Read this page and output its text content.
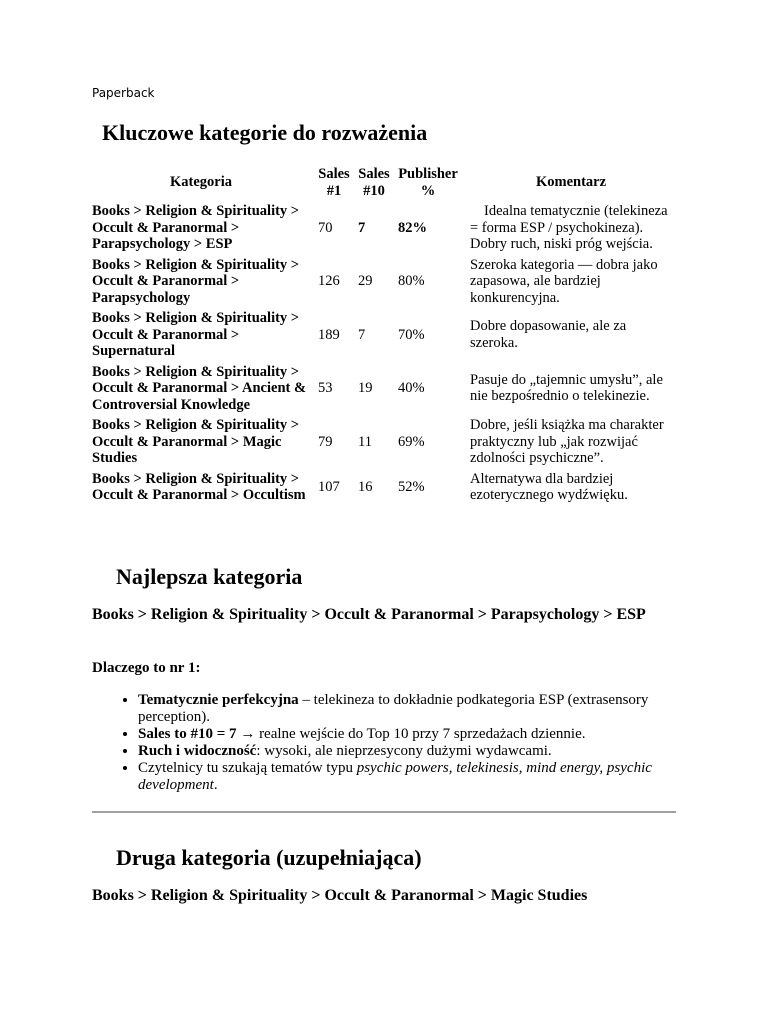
Paperback
Kluczowe kategorie do rozważenia
Kategoria	Sales #1	Sales #10	Publisher %	Komentarz
Books > Religion & Spirituality > Occult & Paranormal > Parapsychology > ESP	70	7	82%	Idealna tematycznie (telekineza = forma ESP / psychokineza). Dobry ruch, niski próg wejścia.
Books > Religion & Spirituality > Occult & Paranormal > Parapsychology	126	29	80%	Szeroka kategoria — dobra jako zapasowa, ale bardziej konkurencyjna.
Books > Religion & Spirituality > Occult & Paranormal > Supernatural	189	7	70%	Dobre dopasowanie, ale za szeroka.
Books > Religion & Spirituality > Occult & Paranormal > Ancient & Controversial Knowledge	53	19	40%	Pasuje do „tajemnic umysłu”, ale nie bezpośrednio o telekinezie.
Books > Religion & Spirituality > Occult & Paranormal > Magic Studies	79	11	69%	Dobre, jeśli książka ma charakter praktyczny lub „jak rozwijać zdolności psychiczne”.
Books > Religion & Spirituality > Occult & Paranormal > Occultism	107	16	52%	Alternatywa dla bardziej ezoterycznego wydźwięku.
Najlepsza kategoria

Books > Religion & Spirituality > Occult & Paranormal > Parapsychology > ESP

Dlaczego to nr 1:

• Tematycznie perfekcyjna – telekineza to dokładnie podkategoria ESP (extrasensory perception).
• Sales to #10 = 7 → realne wejście do Top 10 przy 7 sprzedażach dziennie.
• Ruch i widoczność: wysoki, ale nieprzesycony dużymi wydawcami.
• Czytelnicy tu szukają tematów typu psychic powers, telekinesis, mind energy, psychic development.
Druga kategoria (uzupełniająca)

Books > Religion & Spirituality > Occult & Paranormal > Magic Studies
